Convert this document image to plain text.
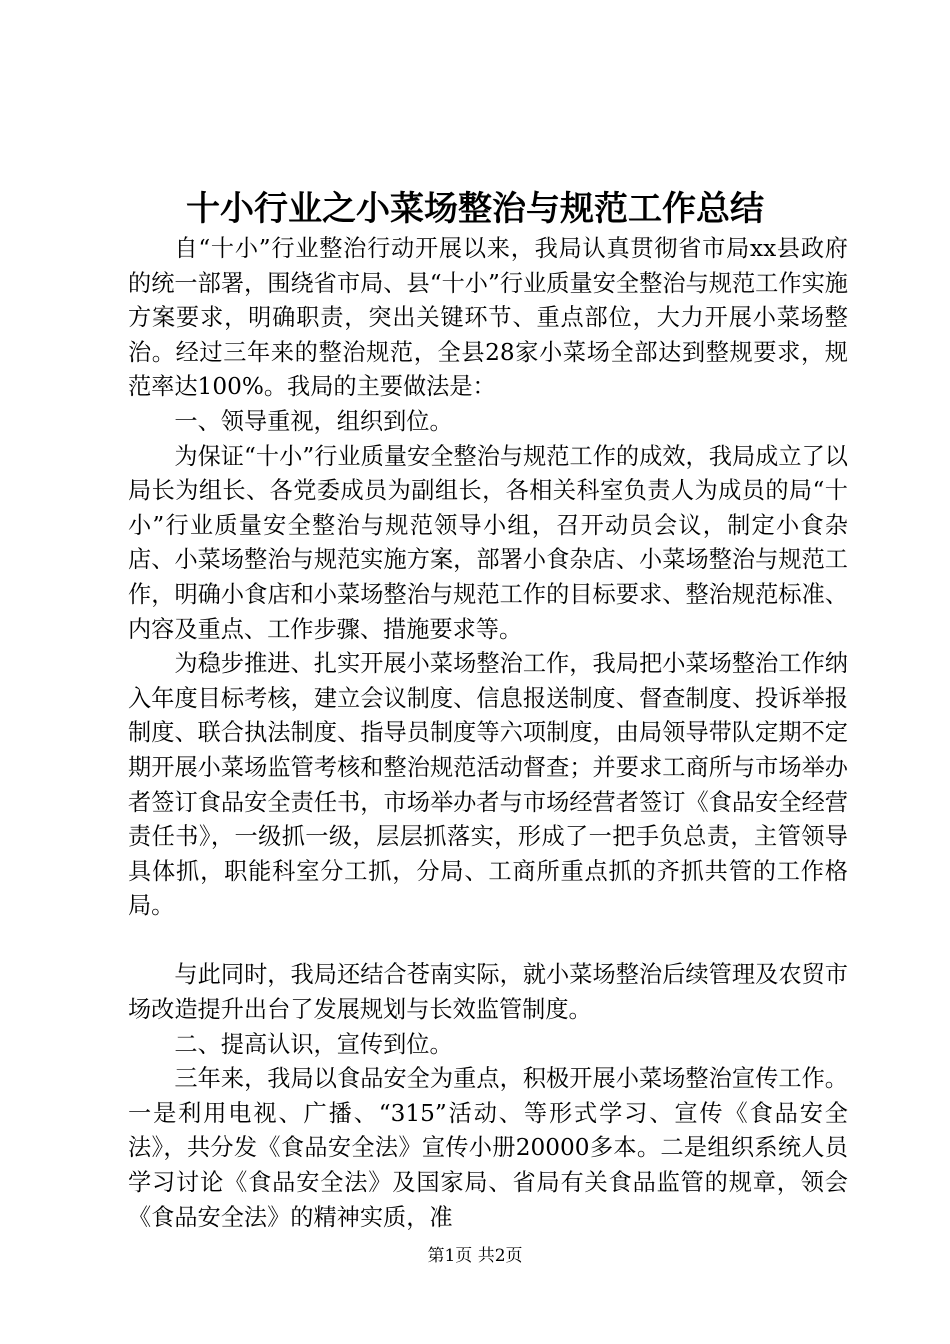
十小行业之小菜场整治与规范工作总结

自“十小”行业整治行动开展以来，我局认真贯彻省市局xx县政府的统一部署，围绕省市局、县“十小”行业质量安全整治与规范工作实施方案要求，明确职责，突出关键环节、重点部位，大力开展小菜场整治。经过三年来的整治规范，全县28家小菜场全部达到整规要求，规范率达100%。我局的主要做法是：

一、领导重视，组织到位。

为保证“十小”行业质量安全整治与规范工作的成效，我局成立了以局长为组长、各党委成员为副组长，各相关科室负责人为成员的局“十小”行业质量安全整治与规范领导小组，召开动员会议，制定小食杂店、小菜场整治与规范实施方案，部署小食杂店、小菜场整治与规范工作，明确小食店和小菜场整治与规范工作的目标要求、整治规范标准、内容及重点、工作步骤、措施要求等。

为稳步推进、扎实开展小菜场整治工作，我局把小菜场整治工作纳入年度目标考核，建立会议制度、信息报送制度、督查制度、投诉举报制度、联合执法制度、指导员制度等六项制度，由局领导带队定期不定期开展小菜场监管考核和整治规范活动督查；并要求工商所与市场举办者签订食品安全责任书，市场举办者与市场经营者签订《食品安全经营责任书》，一级抓一级，层层抓落实，形成了一把手负总责，主管领导具体抓，职能科室分工抓，分局、工商所重点抓的齐抓共管的工作格局。

与此同时，我局还结合苍南实际，就小菜场整治后续管理及农贸市场改造提升出台了发展规划与长效监管制度。

二、提高认识，宣传到位。

三年来，我局以食品安全为重点，积极开展小菜场整治宣传工作。一是利用电视、广播、“315”活动、等形式学习、宣传《食品安全法》，共分发《食品安全法》宣传小册20000多本。二是组织系统人员学习讨论《食品安全法》及国家局、省局有关食品监管的规章，领会《食品安全法》的精神实质，准

第1页 共2页
